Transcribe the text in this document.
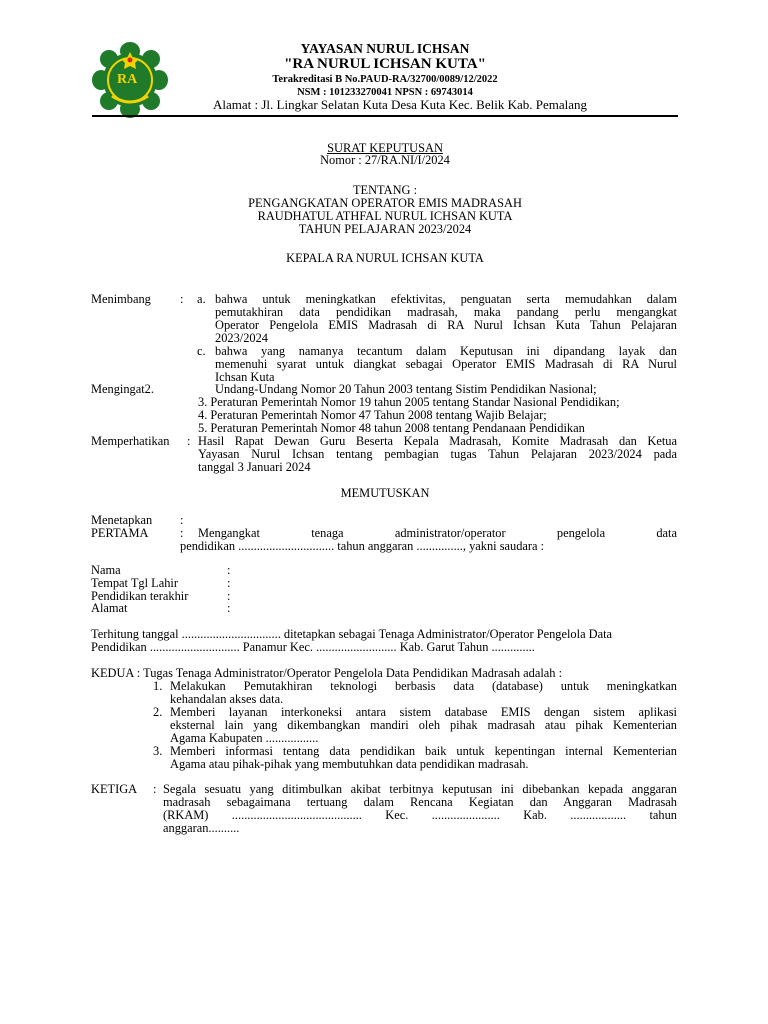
RA
YAYASAN NURUL ICHSAN
"RA NURUL ICHSAN KUTA"
Terakreditasi B No.PAUD-RA/32700/0089/12/2022
NSM : 101233270041 NPSN : 69743014
Alamat : Jl. Lingkar Selatan Kuta Desa Kuta Kec. Belik Kab. Pemalang
SURAT KEPUTUSAN
Nomor : 27/RA.NI/I/2024
TENTANG :
PENGANGKATAN OPERATOR EMIS MADRASAH
RAUDHATUL ATHFAL NURUL ICHSAN KUTA
TAHUN PELAJARAN 2023/2024
KEPALA RA NURUL ICHSAN KUTA
Menimbang : a. bahwa untuk meningkatkan efektivitas, penguatan serta memudahkan dalam
pemutakhiran data pendidikan madrasah, maka pandang perlu mengangkat
Operator Pengelola EMIS Madrasah di RA Nurul Ichsan Kuta Tahun Pelajaran
2023/2024
c. bahwa yang namanya tecantum dalam Keputusan ini dipandang layak dan
memenuhi syarat untuk diangkat sebagai Operator EMIS Madrasah di RA Nurul
Ichsan Kuta
Mengingat2.	Undang-Undang Nomor 20 Tahun 2003 tentang Sistim Pendidikan Nasional;
3. Peraturan Pemerintah Nomor 19 tahun 2005 tentang Standar Nasional Pendidikan;
4. Peraturan Pemerintah Nomor 47 Tahun 2008 tentang Wajib Belajar;
5. Peraturan Pemerintah Nomor 48 tahun 2008 tentang Pendanaan Pendidikan
Memperhatikan : Hasil Rapat Dewan Guru Beserta Kepala Madrasah, Komite Madrasah dan Ketua
Yayasan Nurul Ichsan tentang pembagian tugas Tahun Pelajaran 2023/2024 pada
tanggal 3 Januari 2024
MEMUTUSKAN
Menetapkan :
PERTAMA	: Mengangkat tenaga administrator/operator pengelola data
pendidikan ............................... tahun anggaran ..............., yakni saudara :
Nama	:
Tempat Tgl Lahir	:
Pendidikan terakhir	:
Alamat	:
Terhitung tanggal ................................ ditetapkan sebagai Tenaga Administrator/Operator Pengelola Data
Pendidikan ............................. Panamur Kec. .......................... Kab. Garut Tahun ..............
KEDUA : Tugas Tenaga Administrator/Operator Pengelola Data Pendidikan Madrasah adalah :
1. Melakukan Pemutakhiran teknologi berbasis data (database) untuk meningkatkan
kehandalan akses data.
2. Memberi layanan interkoneksi antara sistem database EMIS dengan sistem aplikasi
eksternal lain yang dikembangkan mandiri oleh pihak madrasah atau pihak Kementerian
Agama Kabupaten .................
3. Memberi informasi tentang data pendidikan baik untuk kepentingan internal Kementerian
Agama atau pihak-pihak yang membutuhkan data pendidikan madrasah.
KETIGA : Segala sesuatu yang ditimbulkan akibat terbitnya keputusan ini dibebankan kepada anggaran
madrasah sebagaimana tertuang dalam Rencana Kegiatan dan Anggaran Madrasah
(RKAM) .......................................... Kec. ...................... Kab. .................. tahun
anggaran..........
